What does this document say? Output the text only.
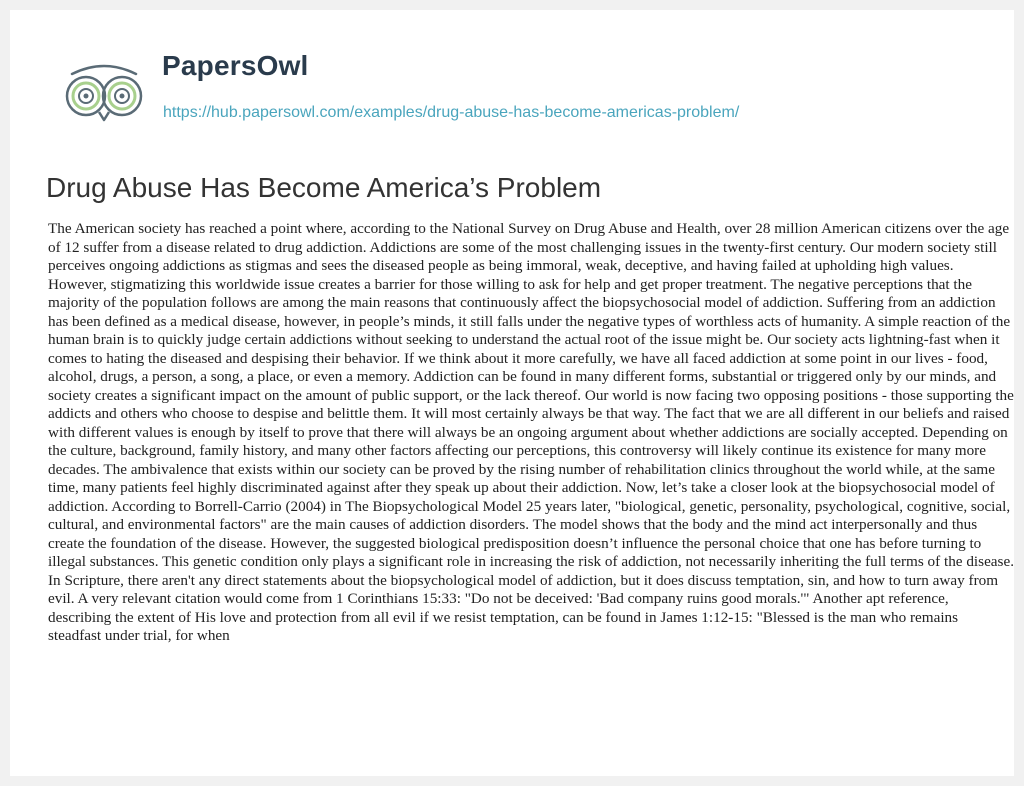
PapersOwl
https://hub.papersowl.com/examples/drug-abuse-has-become-americas-problem/
Drug Abuse Has Become America’s Problem
The American society has reached a point where, according to the National Survey on Drug Abuse and Health, over 28 million American citizens over the age of 12 suffer from a disease related to drug addiction. Addictions are some of the most challenging issues in the twenty-first century. Our modern society still perceives ongoing addictions as stigmas and sees the diseased people as being immoral, weak, deceptive, and having failed at upholding high values. However, stigmatizing this worldwide issue creates a barrier for those willing to ask for help and get proper treatment. The negative perceptions that the majority of the population follows are among the main reasons that continuously affect the biopsychosocial model of addiction. Suffering from an addiction has been defined as a medical disease, however, in people’s minds, it still falls under the negative types of worthless acts of humanity. A simple reaction of the human brain is to quickly judge certain addictions without seeking to understand the actual root of the issue might be. Our society acts lightning-fast when it comes to hating the diseased and despising their behavior. If we think about it more carefully, we have all faced addiction at some point in our lives - food, alcohol, drugs, a person, a song, a place, or even a memory. Addiction can be found in many different forms, substantial or triggered only by our minds, and society creates a significant impact on the amount of public support, or the lack thereof. Our world is now facing two opposing positions - those supporting the addicts and others who choose to despise and belittle them. It will most certainly always be that way. The fact that we are all different in our beliefs and raised with different values is enough by itself to prove that there will always be an ongoing argument about whether addictions are socially accepted. Depending on the culture, background, family history, and many other factors affecting our perceptions, this controversy will likely continue its existence for many more decades. The ambivalence that exists within our society can be proved by the rising number of rehabilitation clinics throughout the world while, at the same time, many patients feel highly discriminated against after they speak up about their addiction. Now, let’s take a closer look at the biopsychosocial model of addiction. According to Borrell-Carrio (2004) in The Biopsychological Model 25 years later, "biological, genetic, personality, psychological, cognitive, social, cultural, and environmental factors" are the main causes of addiction disorders. The model shows that the body and the mind act interpersonally and thus create the foundation of the disease. However, the suggested biological predisposition doesn’t influence the personal choice that one has before turning to illegal substances. This genetic condition only plays a significant role in increasing the risk of addiction, not necessarily inheriting the full terms of the disease. In Scripture, there aren't any direct statements about the biopsychological model of addiction, but it does discuss temptation, sin, and how to turn away from evil. A very relevant citation would come from 1 Corinthians 15:33: "Do not be deceived: 'Bad company ruins good morals.'" Another apt reference, describing the extent of His love and protection from all evil if we resist temptation, can be found in James 1:12-15: "Blessed is the man who remains steadfast under trial, for when
